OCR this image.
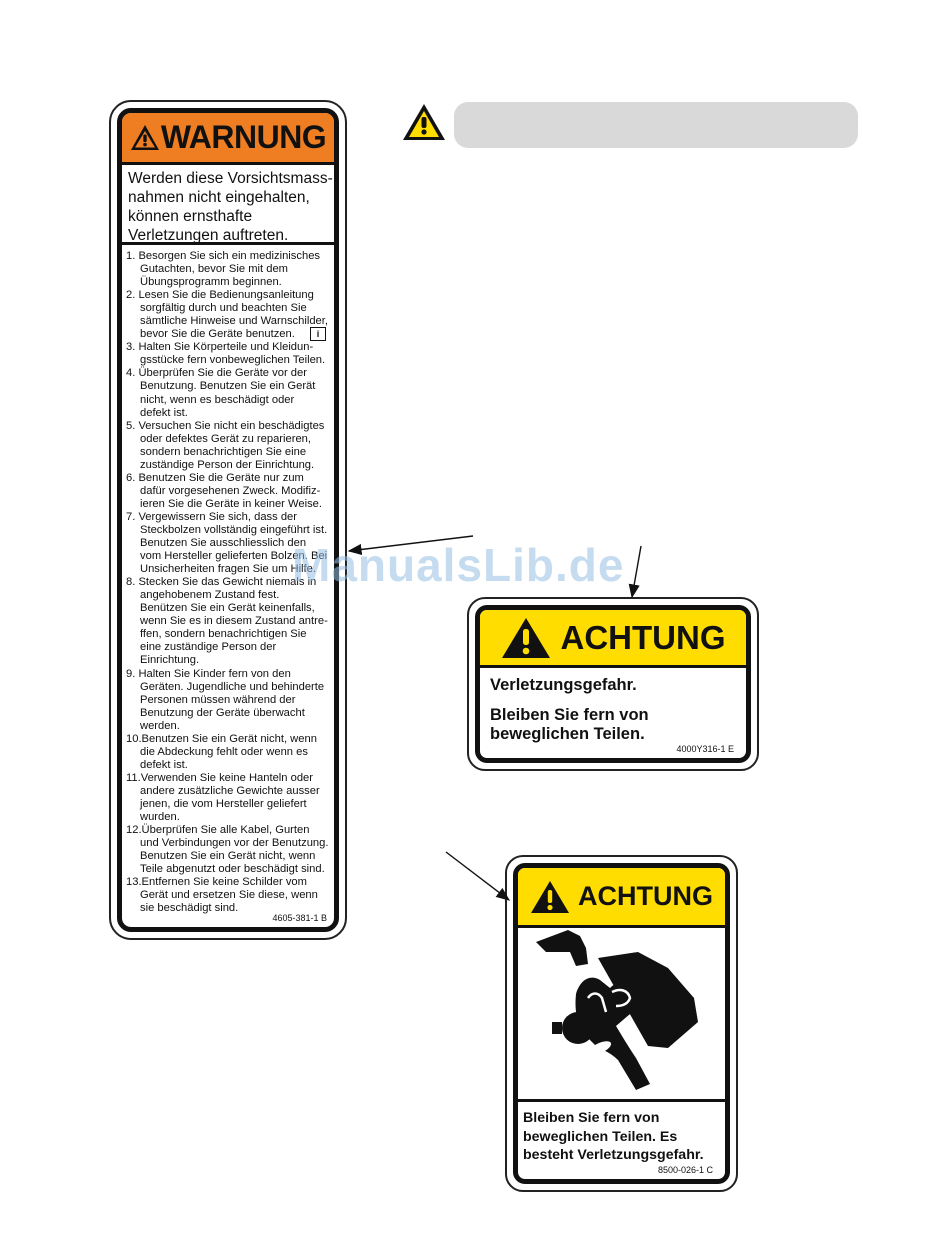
WARNUNG
Werden diese Vorsichtsmass-
nahmen nicht eingehalten,
können ernsthafte
Verletzungen auftreten.
1. Besorgen Sie sich ein medizinisches
Gutachten, bevor Sie mit dem
Übungsprogramm beginnen.
2. Lesen Sie die Bedienungsanleitung
sorgfältig durch und beachten Sie
sämtliche Hinweise und Warnschilder,
bevor Sie die Geräte benutzen.	i
3. Halten Sie Körperteile und Kleidun-
gsstücke fern vonbeweglichen Teilen.
4. Überprüfen Sie die Geräte vor der
Benutzung. Benutzen Sie ein Gerät
nicht, wenn es beschädigt oder
defekt ist.
5. Versuchen Sie nicht ein beschädigtes
oder defektes Gerät zu reparieren,
sondern benachrichtigen Sie eine
zuständige Person der Einrichtung.
6. Benutzen Sie die Geräte nur zum
dafür vorgesehenen Zweck. Modifiz-
ieren Sie die Geräte in keiner Weise.
7. Vergewissern Sie sich, dass der
Steckbolzen vollständig eingeführt ist.
Benutzen Sie ausschliesslich den
vom Hersteller gelieferten Bolzen. Bei
Unsicherheiten fragen Sie um Hilfe.
8. Stecken Sie das Gewicht niemals in
angehobenem Zustand fest.
Benützen Sie ein Gerät keinenfalls,
wenn Sie es in diesem Zustand antre-
ffen, sondern benachrichtigen Sie
eine zuständige Person der
Einrichtung.
9. Halten Sie Kinder fern von den
Geräten. Jugendliche und behinderte
Personen müssen während der
Benutzung der Geräte überwacht
werden.
10.Benutzen Sie ein Gerät nicht, wenn
die Abdeckung fehlt oder wenn es
defekt ist.
11.Verwenden Sie keine Hanteln oder
andere zusätzliche Gewichte ausser
jenen, die vom Hersteller geliefert
wurden.
12.Überprüfen Sie alle Kabel, Gurten
und Verbindungen vor der Benutzung.
Benutzen Sie ein Gerät nicht, wenn
Teile abgenutzt oder beschädigt sind.
13.Entfernen Sie keine Schilder vom
Gerät und ersetzen Sie diese, wenn
sie beschädigt sind.
4605-381-1 B
ACHTUNG
Verletzungsgefahr.
Bleiben Sie fern von
beweglichen Teilen.
4000Y316-1 E
ACHTUNG
Bleiben Sie fern von
beweglichen Teilen. Es
besteht Verletzungsgefahr.
8500-026-1 C
ManualsLib.de
